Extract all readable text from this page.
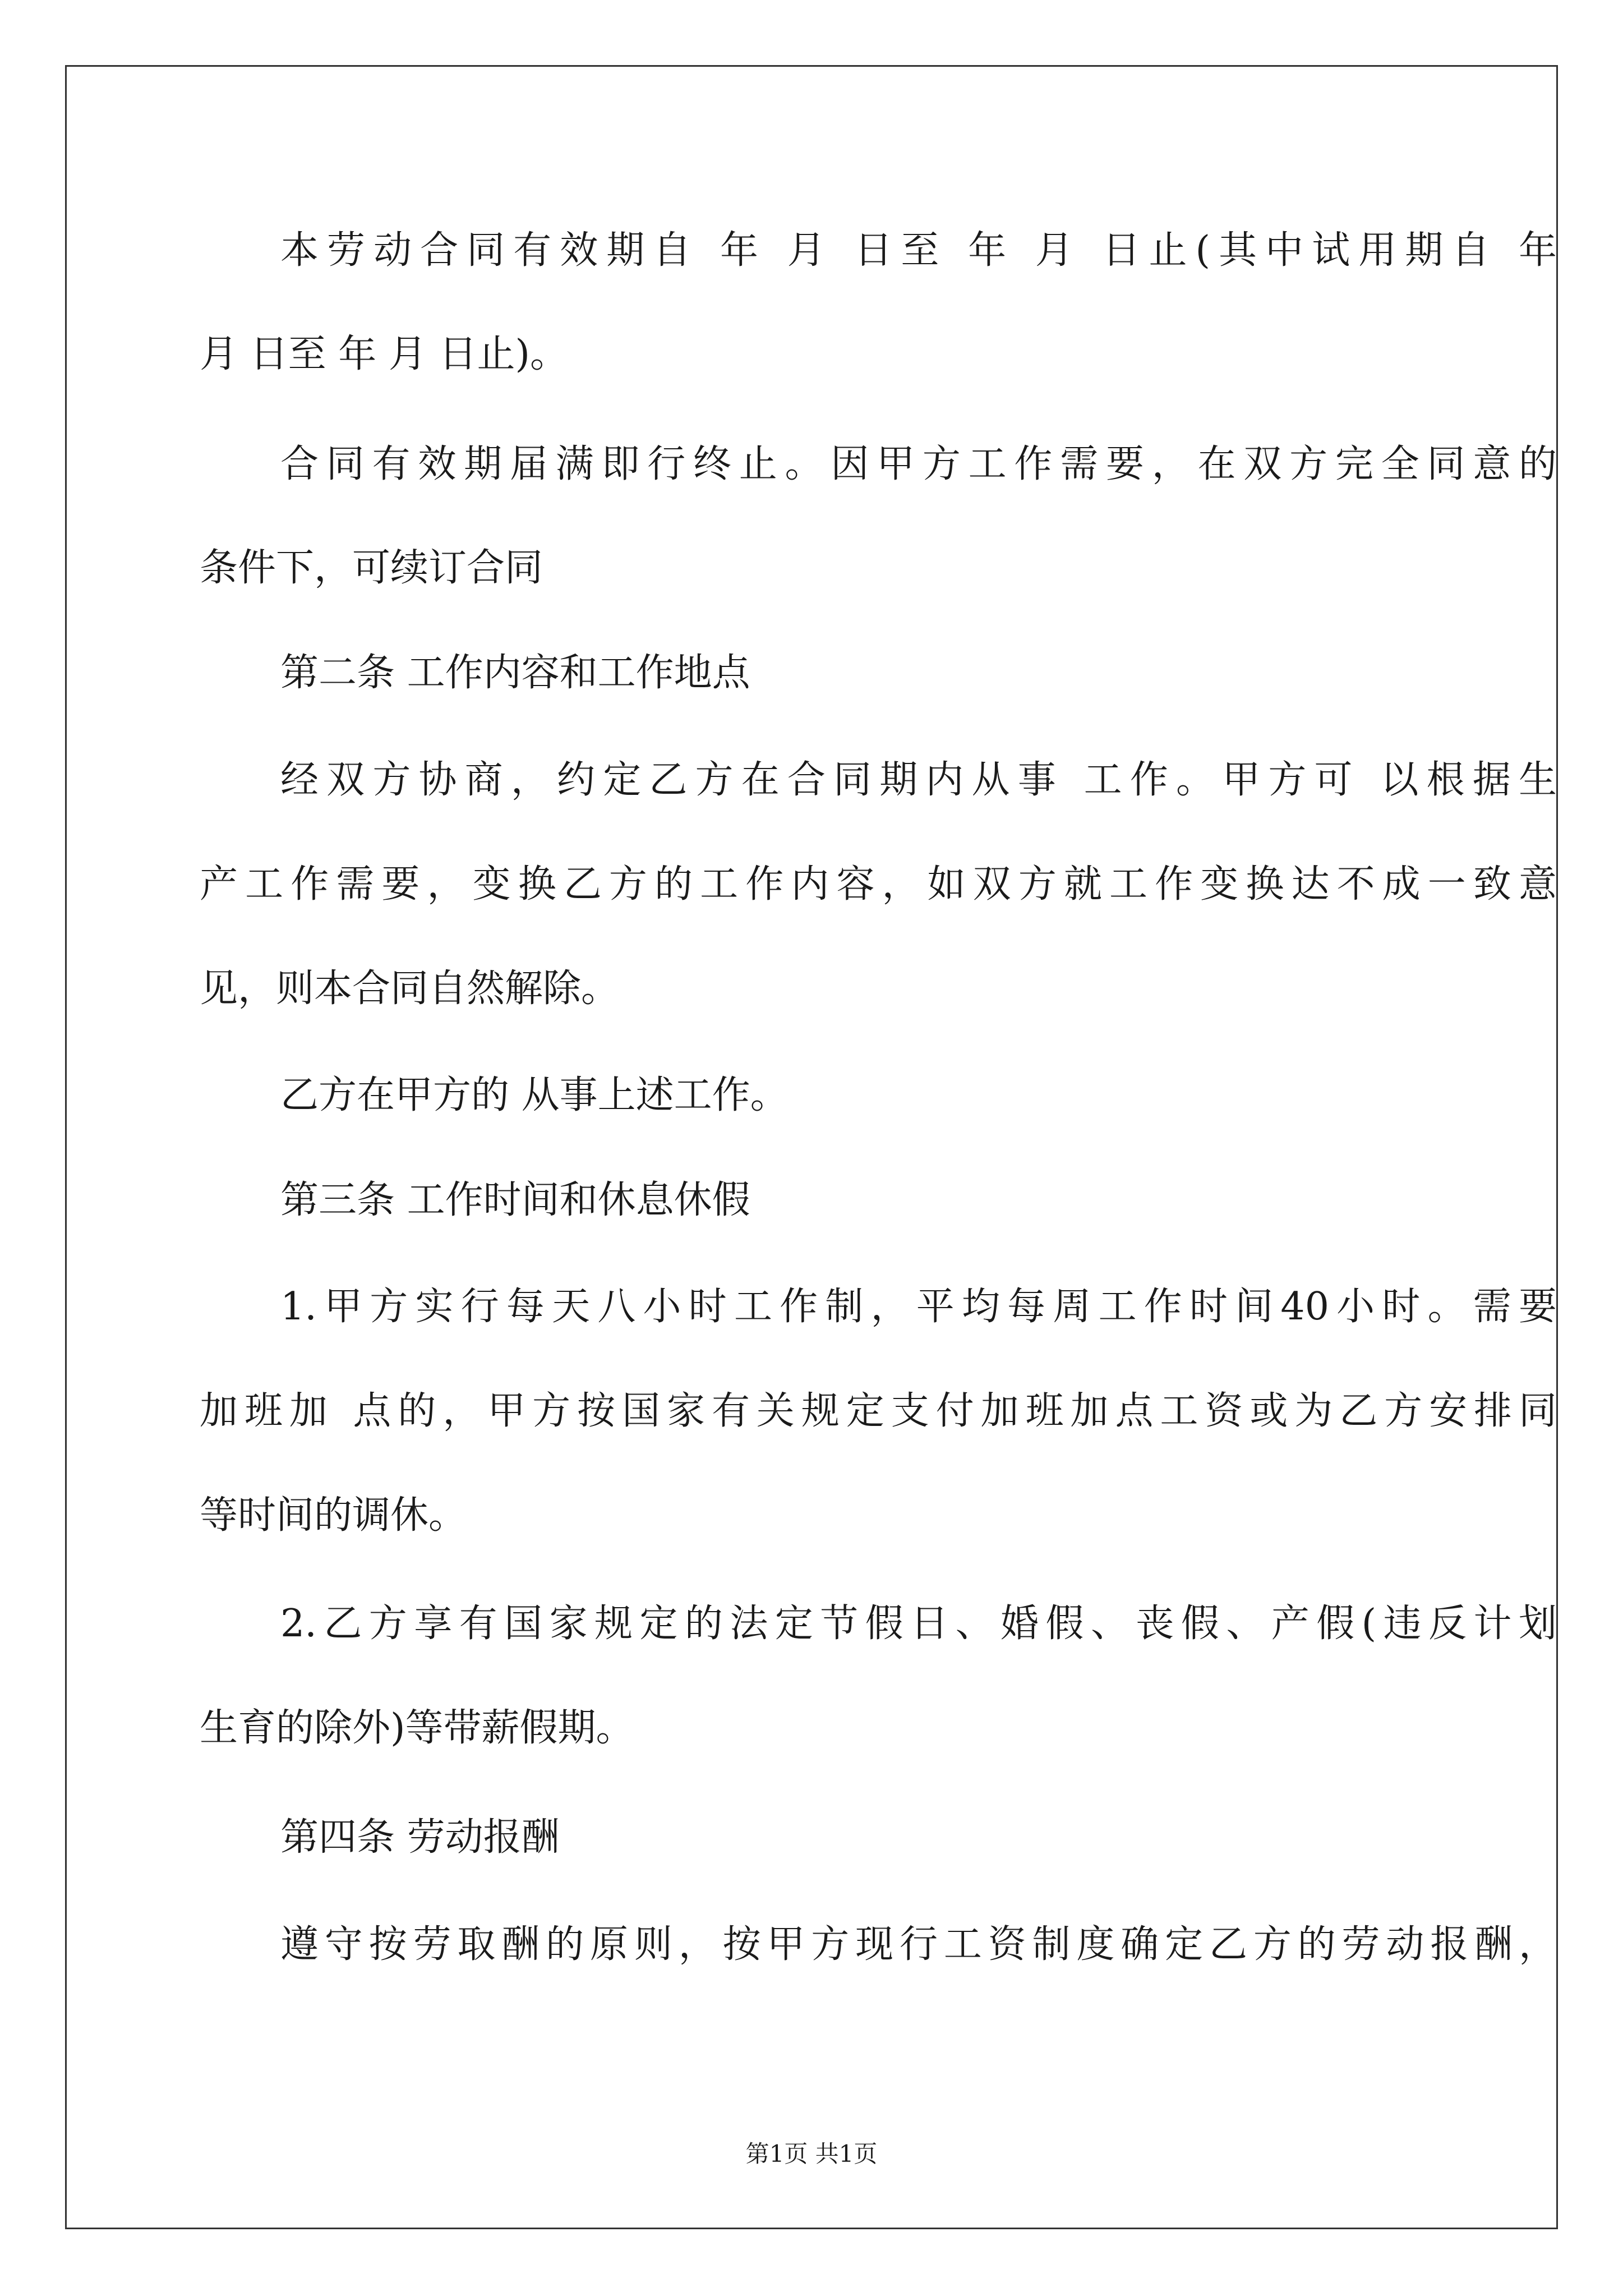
本劳动合同有效期自 年 月 日至 年 月 日止(其中试用期自 年
月 日至 年 月 日止)。
合同有效期届满即行终止。因甲方工作需要，在双方完全同意的
条件下，可续订合同
第二条 工作内容和工作地点
经双方协商，约定乙方在合同期内从事 工作。甲方可 以根据生
产工作需要，变换乙方的工作内容，如双方就工作变换达不成一致意
见，则本合同自然解除。
乙方在甲方的 从事上述工作。
第三条 工作时间和休息休假
1.甲方实行每天八小时工作制，平均每周工作时间40小时。需要
加班加 点的，甲方按国家有关规定支付加班加点工资或为乙方安排同
等时间的调休。
2.乙方享有国家规定的法定节假日、婚假、丧假、产假(违反计划
生育的除外)等带薪假期。
第四条 劳动报酬
遵守按劳取酬的原则，按甲方现行工资制度确定乙方的劳动报酬，
第1页 共1页
